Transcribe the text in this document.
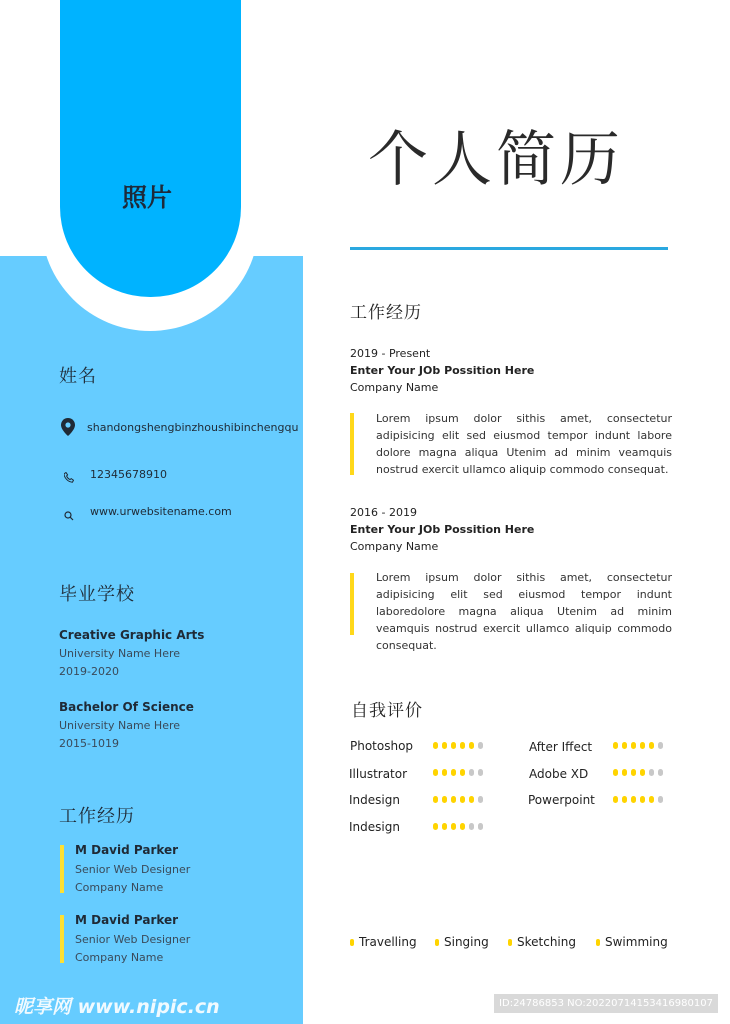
照片
姓名
shandongshengbinzhoushibinchengqu
12345678910
www.urwebsitename.com
毕业学校
Creative Graphic Arts
University Name Here
2019-2020
Bachelor Of Science
University Name Here
2015-1019
工作经历
M David Parker
Senior Web Designer
Company Name
M David Parker
Senior Web Designer
Company Name
个人简历
工作经历
2019 - Present
Enter Your JOb Possition Here
Company Name
Lorem ipsum dolor sithis amet, consectetur adipisicing elit sed eiusmod tempor indunt labore dolore magna aliqua Utenim ad minim veamquis nostrud exercit ullamco aliquip commodo consequat.
2016 - 2019
Enter Your JOb Possition Here
Company Name
Lorem ipsum dolor sithis amet, consectetur adipisicing elit sed eiusmod tempor indunt laboredolore magna aliqua Utenim ad minim veamquis nostrud exercit ullamco aliquip commodo consequat.
自我评价
Photoshop	After Iffect
Illustrator	Adobe XD
Indesign	Powerpoint
Indesign
Travelling	Singing	Sketching	Swimming
昵享网 www.nipic.cn	ID:24786853 NO:20220714153416980107
